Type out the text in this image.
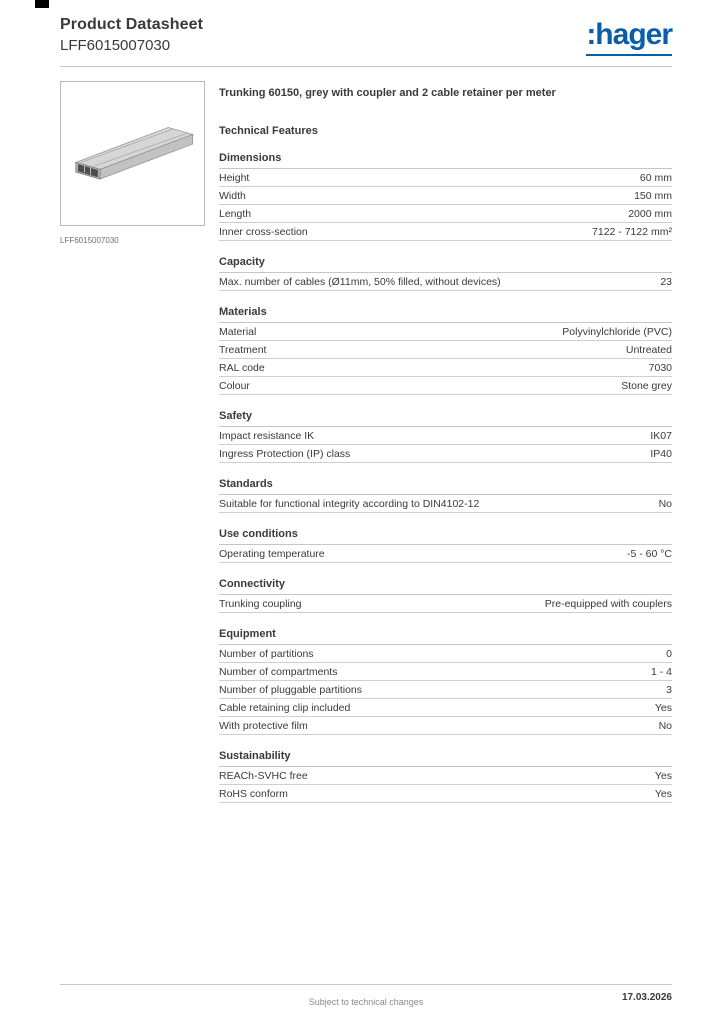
Product Datasheet
LFF6015007030	:hager
LFF6015007030
Trunking 60150, grey with coupler and 2 cable retainer per meter
Technical Features
Dimensions
Height	60 mm
Width	150 mm
Length	2000 mm
Inner cross-section	7122 - 7122 mm²
Capacity
Max. number of cables (Ø11mm, 50% filled, without devices)	23
Materials
Material	Polyvinylchloride (PVC)
Treatment	Untreated
RAL code	7030
Colour	Stone grey
Safety
Impact resistance IK	IK07
Ingress Protection (IP) class	IP40
Standards
Suitable for functional integrity according to DIN4102-12	No
Use conditions
Operating temperature	-5 - 60 °C
Connectivity
Trunking coupling	Pre-equipped with couplers
Equipment
Number of partitions	0
Number of compartments	1 - 4
Number of pluggable partitions	3
Cable retaining clip included	Yes
With protective film	No
Sustainability
REACh-SVHC free	Yes
RoHS conform	Yes
Subject to technical changes	17.03.2026
